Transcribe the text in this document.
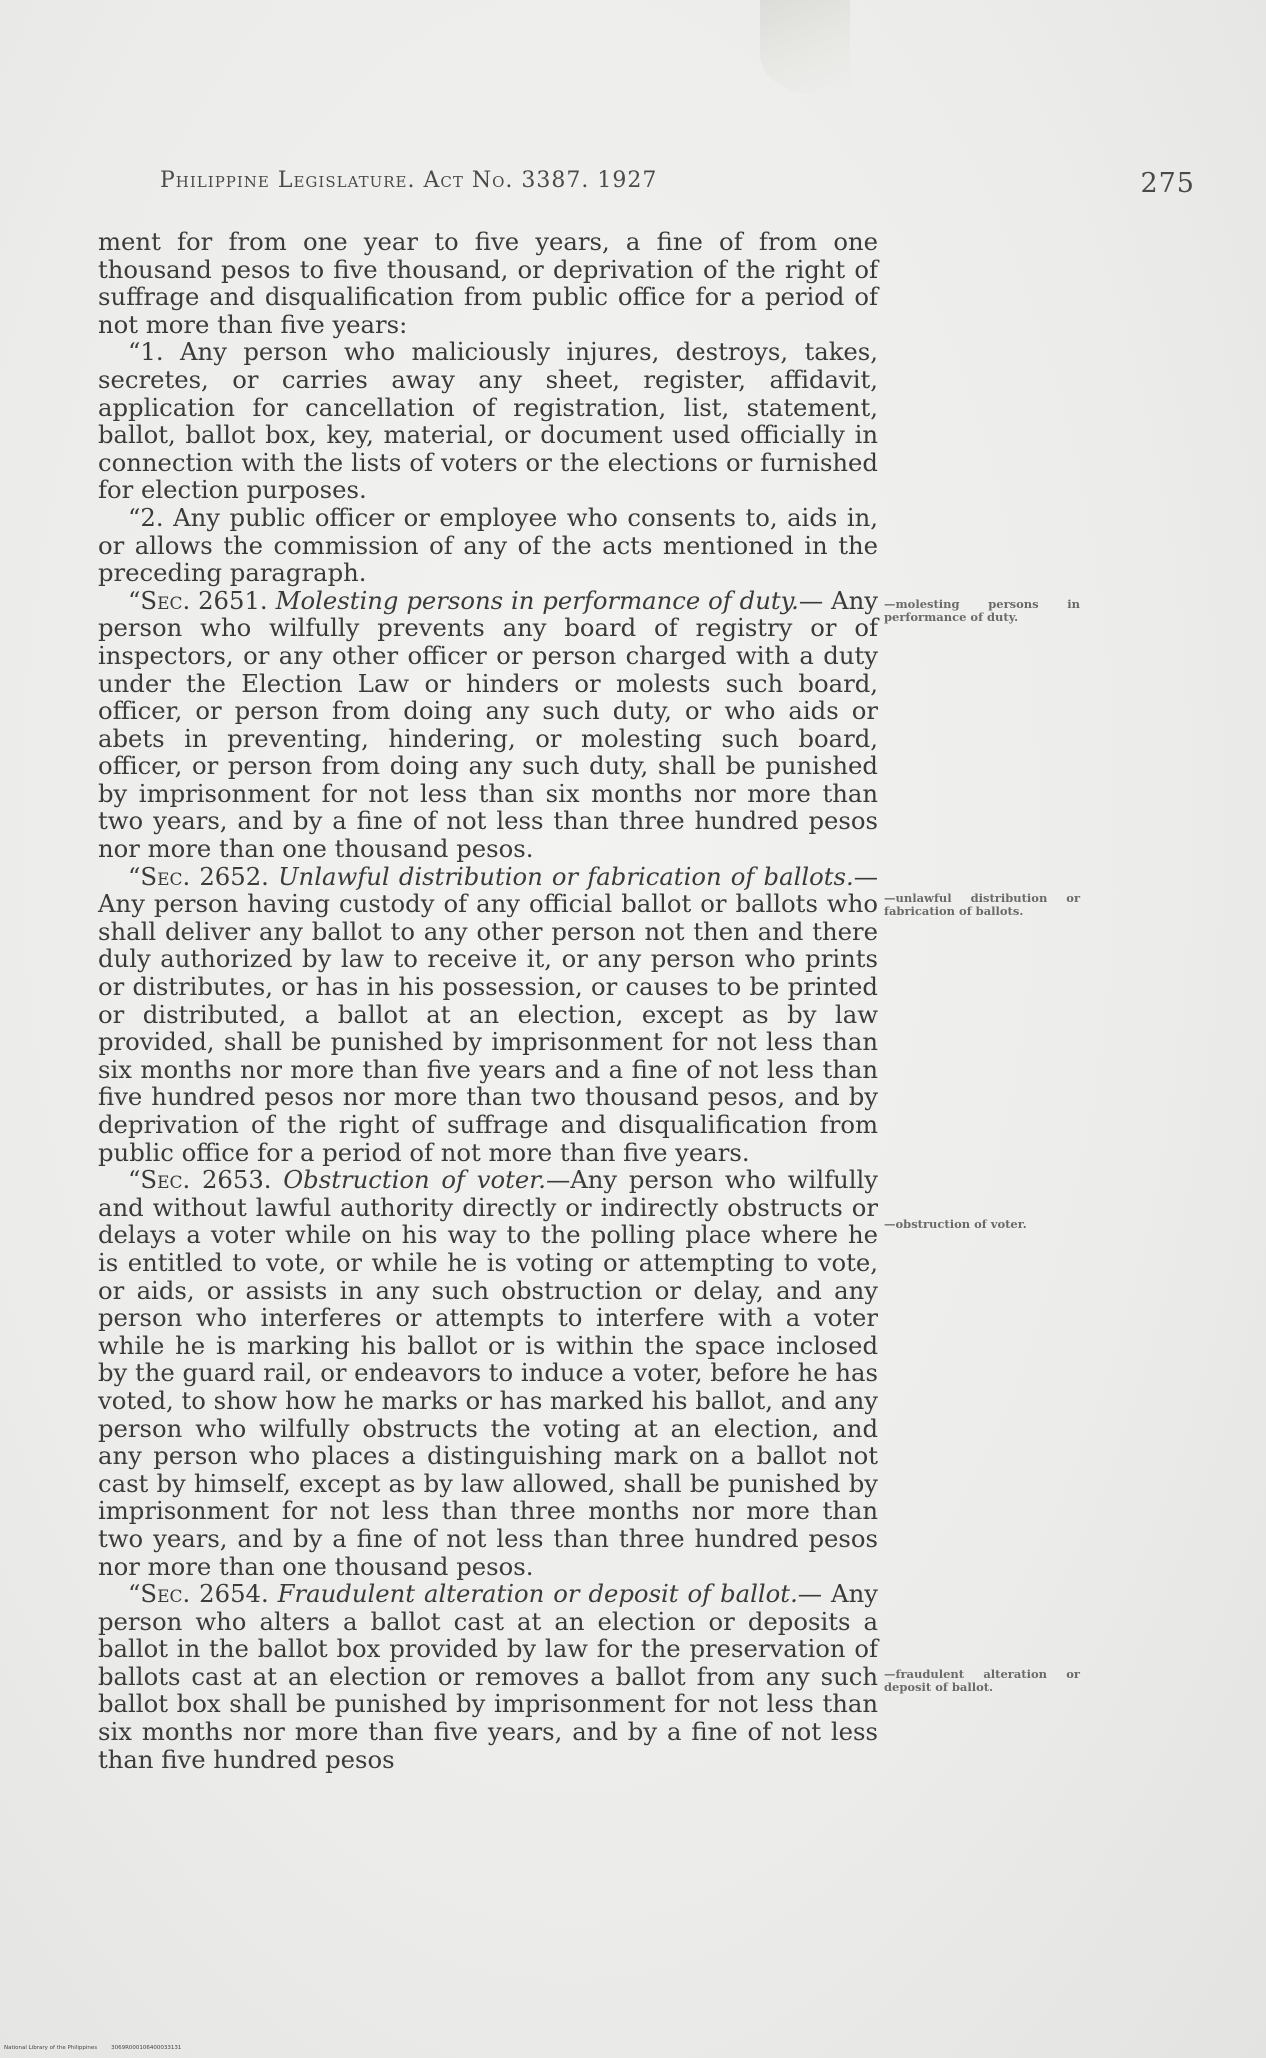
Philippine Legislature. Act No. 3387. 1927	275

ment for from one year to five years, a fine of from one thousand pesos to five thousand, or deprivation of the right of suffrage and disqualification from public office for a period of not more than five years:

“1. Any person who maliciously injures, destroys, takes, secretes, or carries away any sheet, register, affidavit, application for cancellation of registration, list, statement, ballot, ballot box, key, material, or document used officially in connection with the lists of voters or the elections or furnished for election purposes.

“2. Any public officer or employee who consents to, aids in, or allows the commission of any of the acts mentioned in the preceding paragraph.

“Sec. 2651. Molesting persons in performance of duty.— Any person who wilfully prevents any board of registry or of inspectors, or any other officer or person charged with a duty under the Election Law or hinders or molests such board, officer, or person from doing any such duty, or who aids or abets in preventing, hindering, or molesting such board, officer, or person from doing any such duty, shall be punished by imprisonment for not less than six months nor more than two years, and by a fine of not less than three hundred pesos nor more than one thousand pesos.

“Sec. 2652. Unlawful distribution or fabrication of ballots.—Any person having custody of any official ballot or ballots who shall deliver any ballot to any other person not then and there duly authorized by law to receive it, or any person who prints or distributes, or has in his possession, or causes to be printed or distributed, a ballot at an election, except as by law provided, shall be punished by imprisonment for not less than six months nor more than five years and a fine of not less than five hundred pesos nor more than two thousand pesos, and by deprivation of the right of suffrage and disqualification from public office for a period of not more than five years.

“Sec. 2653. Obstruction of voter.—Any person who wilfully and without lawful authority directly or indirectly obstructs or delays a voter while on his way to the polling place where he is entitled to vote, or while he is voting or attempting to vote, or aids, or assists in any such obstruction or delay, and any person who interferes or attempts to interfere with a voter while he is marking his ballot or is within the space inclosed by the guard rail, or endeavors to induce a voter, before he has voted, to show how he marks or has marked his ballot, and any person who wilfully obstructs the voting at an election, and any person who places a distinguishing mark on a ballot not cast by himself, except as by law allowed, shall be punished by imprisonment for not less than three months nor more than two years, and by a fine of not less than three hundred pesos nor more than one thousand pesos.

“Sec. 2654. Fraudulent alteration or deposit of ballot.— Any person who alters a ballot cast at an election or deposits a ballot in the ballot box provided by law for the preservation of ballots cast at an election or removes a ballot from any such ballot box shall be punished by imprisonment for not less than six months nor more than five years, and by a fine of not less than five hundred pesos

—molesting persons in performance of duty.
—unlawful distribution or fabrication of ballots.
—obstruction of voter.
—fraudulent alteration or deposit of ballot.
National Library of the Philippines	3069R000106400033131
